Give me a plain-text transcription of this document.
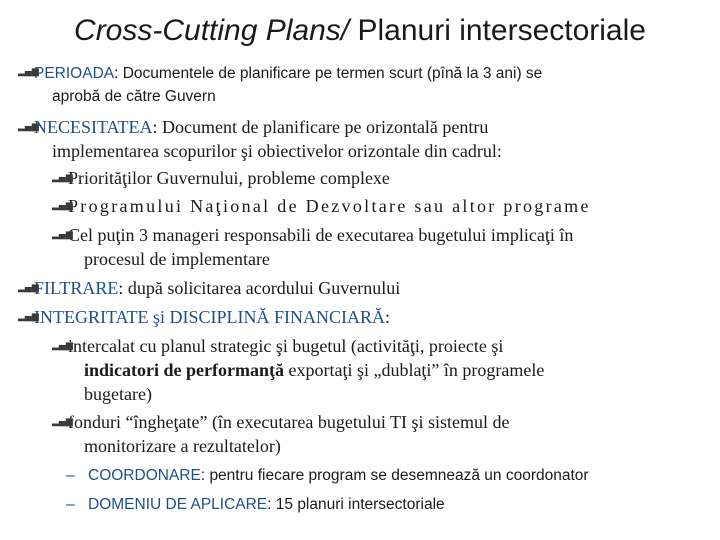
Cross-Cutting Plans/ Planuri intersectoriale
▂▄▆PERIOADA: Documentele de planificare pe termen scurt (pînă la 3 ani) se
aprobă de către Guvern
▂▄▆NECESITATEA: Document de planificare pe orizontală pentru
implementarea scopurilor şi obiectivelor orizontale din cadrul:
▂▄▆Priorităţilor Guvernului, probleme complexe
▂▄▆Programului Naţional de Dezvoltare sau altor programe
▂▄▆Cel puţin 3 manageri responsabili de executarea bugetului implicaţi în
procesul de implementare
▂▄▆FILTRARE: după solicitarea acordului Guvernului
▂▄▆INTEGRITATE şi DISCIPLINĂ FINANCIARĂ:
▂▄▆intercalat cu planul strategic şi bugetul (activităţi, proiecte şi
indicatori de performanţă exportaţi şi „dublaţi” în programele
bugetare)
▂▄▆fonduri “îngheţate” (în executarea bugetului TI şi sistemul de
monitorizare a rezultatelor)
– COORDONARE: pentru fiecare program se desemnează un coordonator
– DOMENIU DE APLICARE: 15 planuri intersectoriale
